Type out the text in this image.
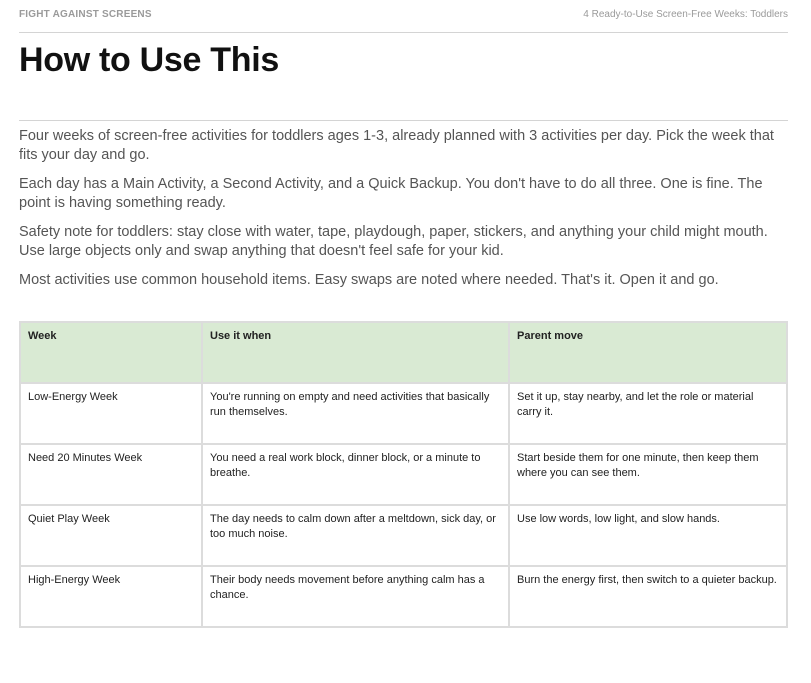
FIGHT AGAINST SCREENS	4 Ready-to-Use Screen-Free Weeks: Toddlers
How to Use This

Four weeks of screen-free activities for toddlers ages 1-3, already planned with 3 activities per day. Pick the week that fits your day and go.

Each day has a Main Activity, a Second Activity, and a Quick Backup. You don't have to do all three. One is fine. The point is having something ready.

Safety note for toddlers: stay close with water, tape, playdough, paper, stickers, and anything your child might mouth. Use large objects only and swap anything that doesn't feel safe for your kid.

Most activities use common household items. Easy swaps are noted where needed. That's it. Open it and go.

Week	Use it when	Parent move
Low-Energy Week	You're running on empty and need activities that basically run themselves.	Set it up, stay nearby, and let the role or material carry it.
Need 20 Minutes Week	You need a real work block, dinner block, or a minute to breathe.	Start beside them for one minute, then keep them where you can see them.
Quiet Play Week	The day needs to calm down after a meltdown, sick day, or too much noise.	Use low words, low light, and slow hands.
High-Energy Week	Their body needs movement before anything calm has a chance.	Burn the energy first, then switch to a quieter backup.
